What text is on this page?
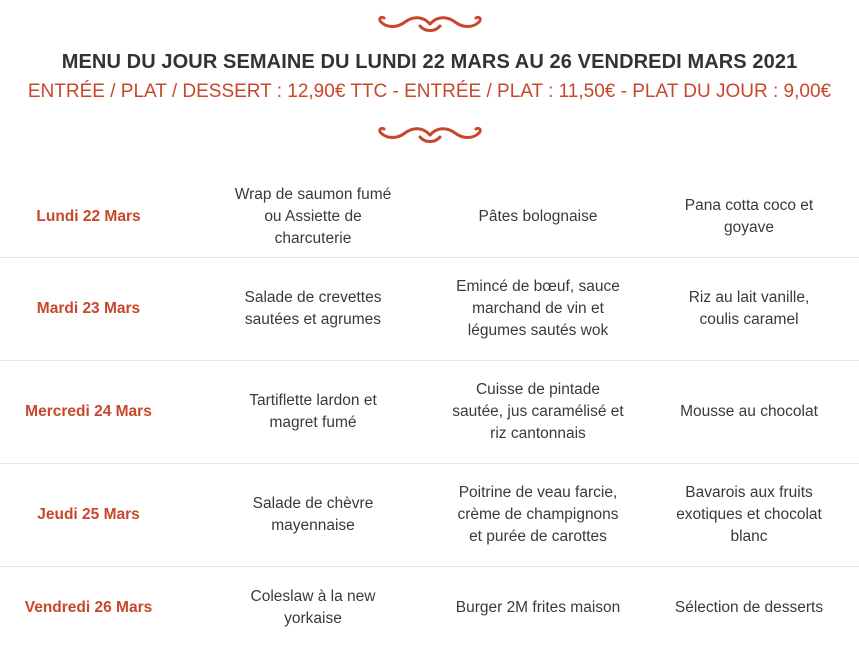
MENU DU JOUR SEMAINE DU LUNDI 22 MARS AU 26 VENDREDI MARS 2021
ENTRÉE / PLAT / DESSERT : 12,90€ TTC - ENTRÉE / PLAT : 11,50€ - PLAT DU JOUR : 9,00€
Lundi 22 Mars
Wrap de saumon fumé ou Assiette de charcuterie
Pâtes bolognaise
Pana cotta coco et goyave
Mardi 23 Mars
Salade de crevettes sautées et agrumes
Emincé de bœuf, sauce marchand de vin et légumes sautés wok
Riz au lait vanille, coulis caramel
Mercredi 24 Mars
Tartiflette lardon et magret fumé
Cuisse de pintade sautée, jus caramélisé et riz cantonnais
Mousse au chocolat
Jeudi 25 Mars
Salade de chèvre mayennaise
Poitrine de veau farcie, crème de champignons et purée de carottes
Bavarois aux fruits exotiques et chocolat blanc
Vendredi 26 Mars
Coleslaw à la new yorkaise
Burger 2M frites maison	Sélection de desserts
